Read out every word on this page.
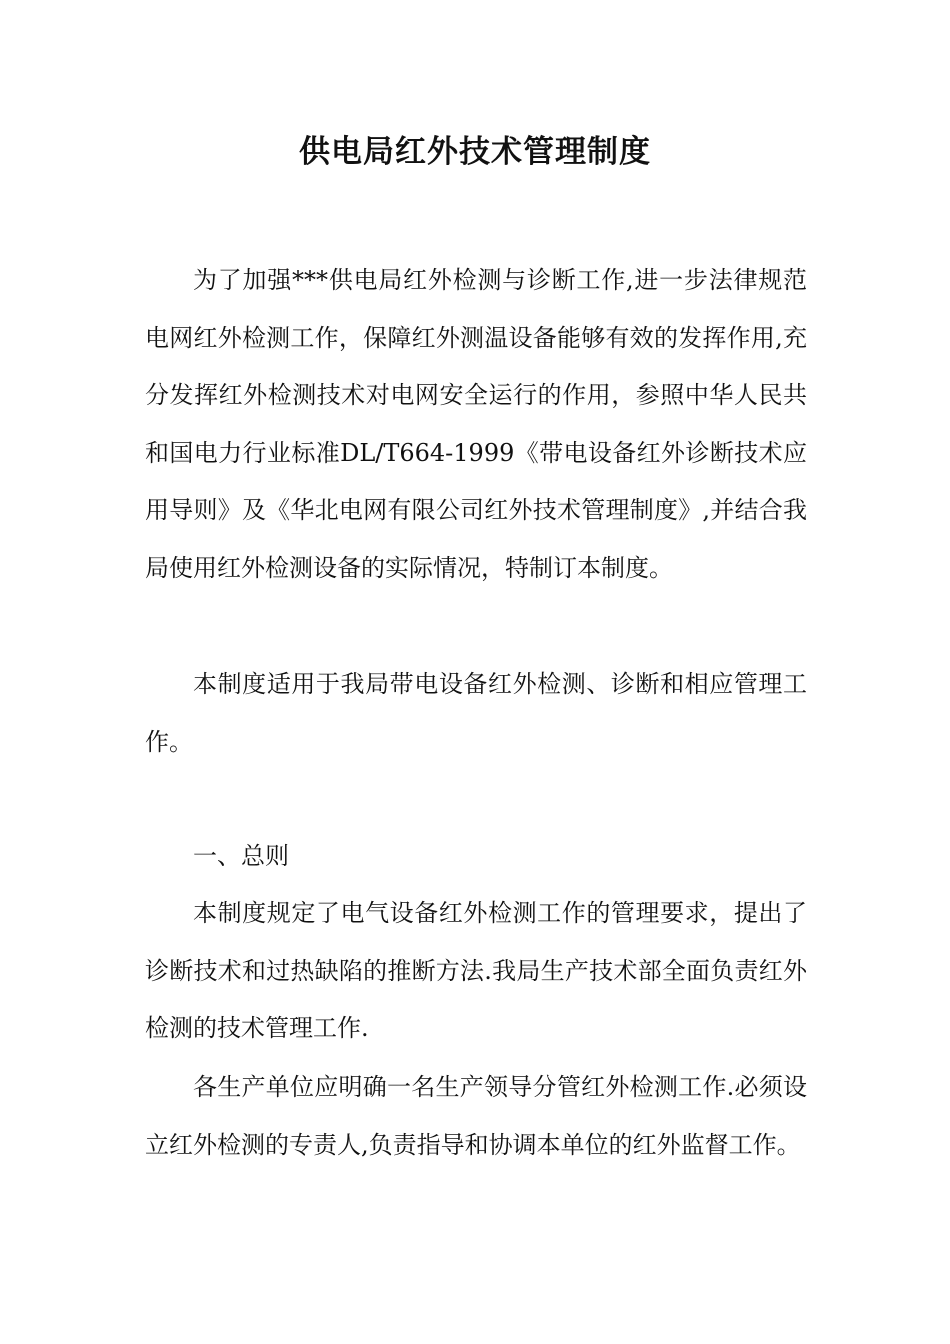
供电局红外技术管理制度

为了加强***供电局红外检测与诊断工作,进一步法律规范电网红外检测工作，保障红外测温设备能够有效的发挥作用,充分发挥红外检测技术对电网安全运行的作用，参照中华人民共和国电力行业标准DL/T664-1999《带电设备红外诊断技术应用导则》及《华北电网有限公司红外技术管理制度》,并结合我局使用红外检测设备的实际情况，特制订本制度。

本制度适用于我局带电设备红外检测、诊断和相应管理工作。

一、总则

本制度规定了电气设备红外检测工作的管理要求，提出了诊断技术和过热缺陷的推断方法.我局生产技术部全面负责红外检测的技术管理工作.

各生产单位应明确一名生产领导分管红外检测工作.必须设立红外检测的专责人,负责指导和协调本单位的红外监督工作。
